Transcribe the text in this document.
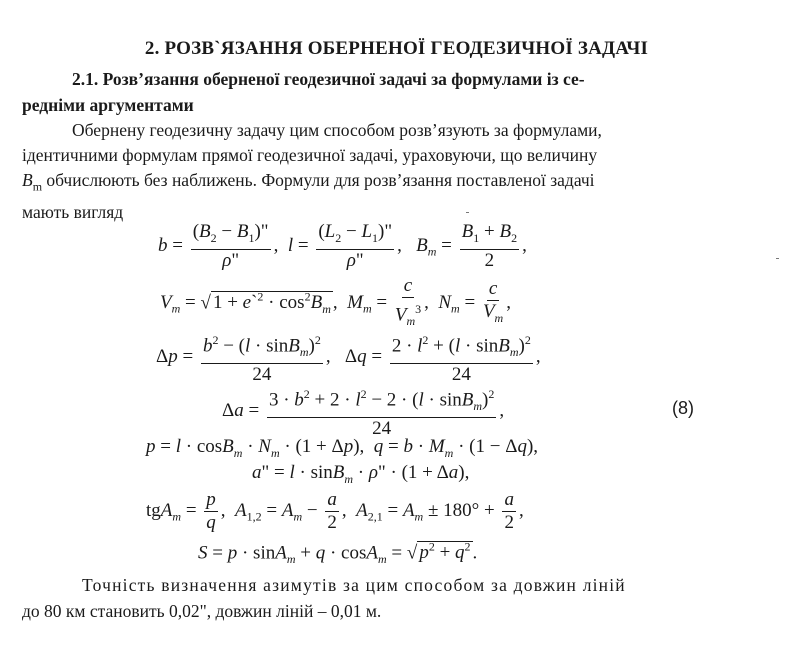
2. РОЗВ`ЯЗАННЯ ОБЕРНЕНОЇ ГЕОДЕЗИЧНОЇ ЗАДАЧІ
2.1. Розв’язання оберненої геодезичної задачі за формулами із се-
редніми аргументами
Обернену геодезичну задачу цим способом розв’язують за формулами,
ідентичними формулам прямої геодезичної задачі, ураховуючи, що величину
$B_m$ обчислюють без наближень. Формули для розв’язання поставленої задачі
мають вигляд
$b = \frac{(B_2 - B_1)"}{\rho"}$ ,  $l = \frac{(L_2 - L_1)"}{\rho"}$ ,   $B_m = \frac{B_1 + B_2}{2}$ ,
$V_m$ = √ 1 + e`$^2$ · $\cos^2B_m$ ,  $M_m = \frac{c}{V_m^3}$ ,  $N_m = \frac{c}{V_m}$ ,
$\Delta p = \frac{b^2 - (l \cdot \sin B_m)^2}{24}$ ,   $\Delta q = \frac{2 \cdot l^2 + (l \cdot \sin B_m)^2}{24}$ ,
$\Delta a = \frac{3 \cdot b^2 + 2 \cdot l^2 - 2 \cdot (l \cdot \sin B_m)^2}{24}$ ,	(8)
$p = l \cdot \cos B_m \cdot N_m \cdot (1 + \Delta p)$,  $q = b \cdot M_m \cdot (1 - \Delta q)$,
a" = l · sinB$_m$ · ρ" · (1 + Δa),
$tgA_m = \frac{p}{q}$ ,  $A_{1,2} = A_m - \frac{a}{2}$ ,  $A_{2,1} = A_m \pm 180^\circ + \frac{a}{2}$ ,
S = p · sinA$_m$ + q · cosA$_m$ = √ $p^2 + q^2$ .
Точність визначення азимутів за цим способом за довжин ліній
до 80 км становить 0,02", довжин ліній – 0,01 м.
